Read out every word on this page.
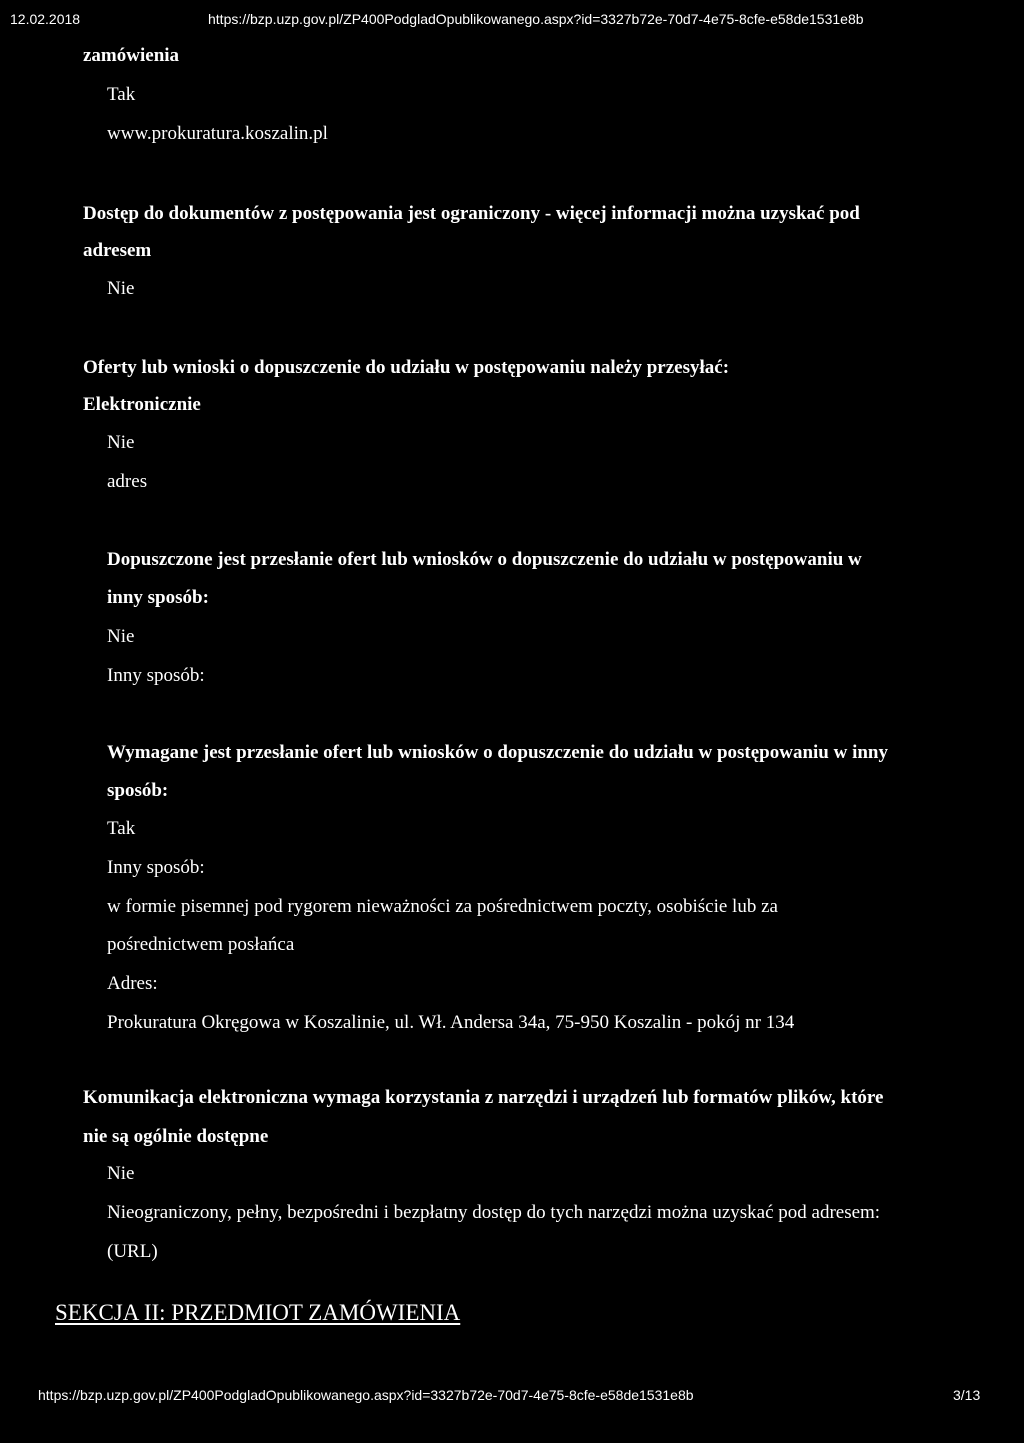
12.02.2018	https://bzp.uzp.gov.pl/ZP400PodgladOpublikowanego.aspx?id=3327b72e-70d7-4e75-8cfe-e58de1531e8b
zamówienia
Tak
www.prokuratura.koszalin.pl
Dostęp do dokumentów z postępowania jest ograniczony - więcej informacji można uzyskać pod
adresem
Nie
Oferty lub wnioski o dopuszczenie do udziału w postępowaniu należy przesyłać:
Elektronicznie
Nie
adres
Dopuszczone jest przesłanie ofert lub wniosków o dopuszczenie do udziału w postępowaniu w
inny sposób:
Nie
Inny sposób:
Wymagane jest przesłanie ofert lub wniosków o dopuszczenie do udziału w postępowaniu w inny
sposób:
Tak
Inny sposób:
w formie pisemnej pod rygorem nieważności za pośrednictwem poczty, osobiście lub za
pośrednictwem posłańca
Adres:
Prokuratura Okręgowa w Koszalinie, ul. Wł. Andersa 34a, 75-950 Koszalin - pokój nr 134
Komunikacja elektroniczna wymaga korzystania z narzędzi i urządzeń lub formatów plików, które
nie są ogólnie dostępne
Nie
Nieograniczony, pełny, bezpośredni i bezpłatny dostęp do tych narzędzi można uzyskać pod adresem:
(URL)
SEKCJA II: PRZEDMIOT ZAMÓWIENIA
https://bzp.uzp.gov.pl/ZP400PodgladOpublikowanego.aspx?id=3327b72e-70d7-4e75-8cfe-e58de1531e8b	3/13
